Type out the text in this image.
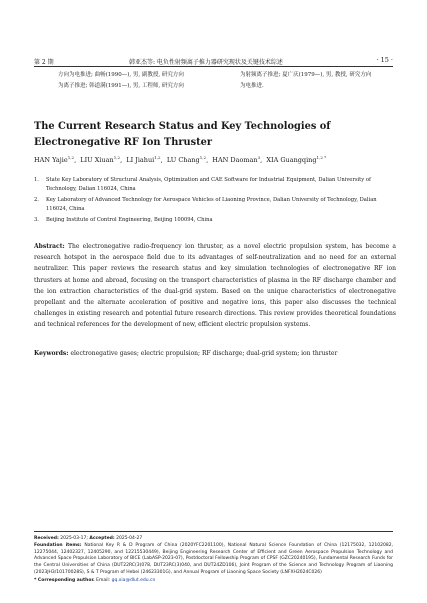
第 2 期	韩亚杰等: 电负性射频离子推力器研究现状及关键技术综述	· 15 ·
方向为电推进; 曲畅(1990—), 男, 副教授, 研究方向
为离子推进; 韩道满(1991—), 男, 工程师, 研究方向
为射频离子推进; 夏广庆(1979—), 男, 教授, 研究方向
为电推进.
The Current Research Status and Key Technologies of Electronegative RF Ion Thruster
HAN Yajie$^{1,2}$,  LIU Xiuan$^{1,2}$,  LI Jiahui$^{1,2}$,  LU Chang$^{1,2}$,  HAN Daoman$^3$,  XIA Guangqing$^{1,2 *}$
1.	State Key Laboratory of Structural Analysis, Optimization and CAE Software for Industrial Equipment, Dalian University of Technology, Dalian 116024, China
2.	Key Laboratory of Advanced Technology for Aerospace Vehicles of Liaoning Province, Dalian University of Technology, Dalian 116024, China
3.	Beijing Institute of Control Engineering, Beijing 100094, China

Abstract: The electronegative radio-frequency ion thruster, as a novel electric propulsion system, has become a research hotspot in the aerospace field due to its advantages of self-neutralization and no need for an external neutralizer. This paper reviews the research status and key simulation technologies of electronegative RF ion thrusters at home and abroad, focusing on the transport characteristics of plasma in the RF discharge chamber and the ion extraction characteristics of the dual-grid system. Based on the unique characteristics of electronegative propellant and the alternate acceleration of positive and negative ions, this paper also discusses the technical challenges in existing research and potential future research directions. This review provides theoretical foundations and technical references for the development of new, efficient electric propulsion systems.

Keywords: electronegative gases; electric propulsion; RF discharge; dual-grid system; ion thruster

Received: 2025-03-17; Accepted: 2025-04-27

Foundation items: National Key R & D Program of China (2020YFC2201100), National Natural Science Foundation of China (12175032, 12102082, 12275044, 12402327, 12405290, and 12215530449), Beijing Engineering Research Center of Efficient and Green Aerospace Propulsion Technology and Advanced Space Propulsion Laboratory of BICE (LabASP-2023-07), Postdoctoral Fellowship Program of CPSF (GZC20240195), Fundamental Research Funds for the Central Universities of China (DUT22RC(3)078, DUT23RC(3)040, and DUT24ZD106), Joint Program of the Science and Technology Program of Liaoning (2023JH3/10170028S), S & T Program of Hebei (24623301G), and Annual Program of Liaoning Space Society (LNFXH2024C026)

* Corresponding author. Email: gq.xia@dlut.edu.cn
